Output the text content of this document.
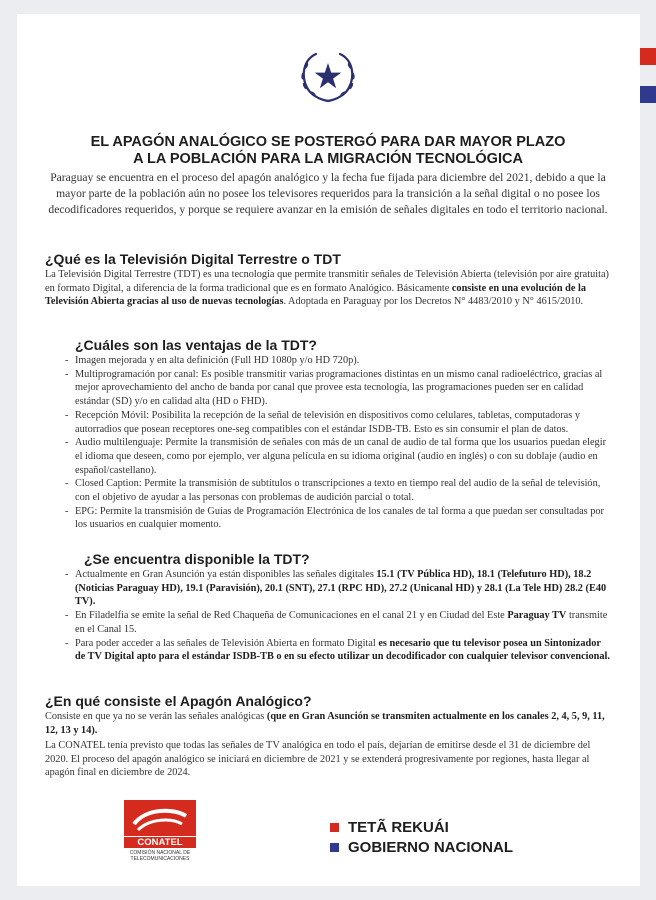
EL APAGÓN ANALÓGICO SE POSTERGÓ PARA DAR MAYOR PLAZO
A LA POBLACIÓN PARA LA MIGRACIÓN TECNOLÓGICA
Paraguay se encuentra en el proceso del apagón analógico y la fecha fue fijada para diciembre del 2021, debido a que la mayor parte de la población aún no posee los televisores requeridos para la transición a la señal digital o no posee los decodificadores requeridos, y porque se requiere avanzar en la emisión de señales digitales en todo el territorio nacional.
¿Qué es la Televisión Digital Terrestre o TDT
La Televisión Digital Terrestre (TDT) es una tecnología que permite transmitir señales de Televisión Abierta (televisión por aire gratuita) en formato Digital, a diferencia de la forma tradicional que es en formato Analógico. Básicamente consiste en una evolución de la Televisión Abierta gracias al uso de nuevas tecnologías. Adoptada en Paraguay por los Decretos N° 4483/2010 y N° 4615/2010.
¿Cuáles son las ventajas de la TDT?
- Imagen mejorada y en alta definición (Full HD 1080p y/o HD 720p).
- Multiprogramación por canal: Es posible transmitir varias programaciones distintas en un mismo canal radioeléctrico, gracias al mejor aprovechamiento del ancho de banda por canal que provee esta tecnología, las programaciones pueden ser en calidad estándar (SD) y/o en calidad alta (HD o FHD).
- Recepción Móvil: Posibilita la recepción de la señal de televisión en dispositivos como celulares, tabletas, computadoras y autorradios que posean receptores one-seg compatibles con el estándar ISDB-TB. Esto es sin consumir el plan de datos.
- Audio multilenguaje: Permite la transmisión de señales con más de un canal de audio de tal forma que los usuarios puedan elegir el idioma que deseen, como por ejemplo, ver alguna película en su idioma original (audio en inglés) o con su doblaje (audio en español/castellano).
- Closed Caption: Permite la transmisión de subtítulos o transcripciones a texto en tiempo real del audio de la señal de televisión, con el objetivo de ayudar a las personas con problemas de audición parcial o total.
- EPG: Permite la transmisión de Guías de Programación Electrónica de los canales de tal forma a que puedan ser consultadas por los usuarios en cualquier momento.
¿Se encuentra disponible la TDT?
- Actualmente en Gran Asunción ya están disponibles las señales digitales 15.1 (TV Pública HD), 18.1 (Telefuturo HD), 18.2 (Noticias Paraguay HD), 19.1 (Paravisión), 20.1 (SNT), 27.1 (RPC HD), 27.2 (Unicanal HD) y 28.1 (La Tele HD) 28.2 (E40 TV).
- En Filadelfia se emite la señal de Red Chaqueña de Comunicaciones en el canal 21 y en Ciudad del Este Paraguay TV transmite en el Canal 15.
- Para poder acceder a las señales de Televisión Abierta en formato Digital es necesario que tu televisor posea un Sintonizador de TV Digital apto para el estándar ISDB-TB o en su efecto utilizar un decodificador con cualquier televisor convencional.
¿En qué consiste el Apagón Analógico?
Consiste en que ya no se verán las señales analógicas (que en Gran Asunción se transmiten actualmente en los canales 2, 4, 5, 9, 11, 12, 13 y 14).
La CONATEL tenía previsto que todas las señales de TV analógica en todo el país, dejarían de emitirse desde el 31 de diciembre del 2020. El proceso del apagón analógico se iniciará en diciembre de 2021 y se extenderá progresivamente por regiones, hasta llegar al apagón final en diciembre de 2024.
CONATEL
COMISIÓN NACIONAL DE
TELECOMUNICACIONES
TETÃ REKUÁI
GOBIERNO NACIONAL
